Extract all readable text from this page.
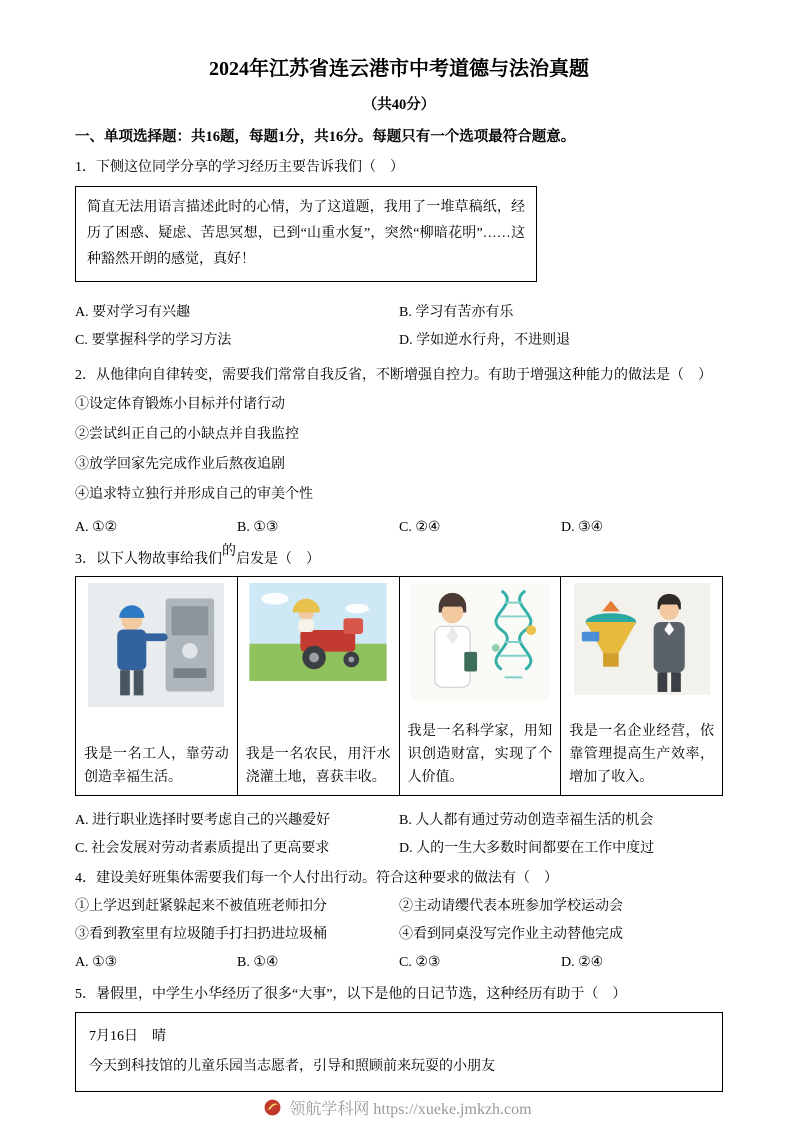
2024年江苏省连云港市中考道德与法治真题
（共40分）
一、单项选择题：共16题，每题1分，共16分。每题只有一个选项最符合题意。
1．下侧这位同学分享的学习经历主要告诉我们（　）
简直无法用语言描述此时的心情，为了这道题，我用了一堆草稿纸，经历了困惑、疑虑、苦思冥想，已到“山重水复”，突然“柳暗花明”……这种豁然开朗的感觉，真好！
A. 要对学习有兴趣	B. 学习有苦亦有乐
C. 要掌握科学的学习方法	D. 学如逆水行舟，不进则退
2．从他律向自律转变，需要我们常常自我反省，不断增强自控力。有助于增强这种能力的做法是（　）
①设定体育锻炼小目标并付诸行动
②尝试纠正自己的小缺点并自我监控
③放学回家先完成作业后熬夜追剧
④追求特立独行并形成自己的审美个性
A. ①②	B. ①③	C. ②④	D. ③④
3．以下人物故事给我们的启发是（　）
我是一名工人，靠劳动创造幸福生活。
我是一名农民，用汗水浇灌土地，喜获丰收。
我是一名科学家，用知识创造财富，实现了个人价值。
我是一名企业经营，依靠管理提高生产效率，增加了收入。
A. 进行职业选择时要考虑自己的兴趣爱好	B. 人人都有通过劳动创造幸福生活的机会
C. 社会发展对劳动者素质提出了更高要求	D. 人的一生大多数时间都要在工作中度过
4．建设美好班集体需要我们每一个人付出行动。符合这种要求的做法有（　）
①上学迟到赶紧躲起来不被值班老师扣分	②主动请缨代表本班参加学校运动会
③看到教室里有垃圾随手打扫扔进垃圾桶	④看到同桌没写完作业主动替他完成
A. ①③	B. ①④	C. ②③	D. ②④
5．暑假里，中学生小华经历了很多“大事”，以下是他的日记节选，这种经历有助于（　）
7月16日　晴
今天到科技馆的儿童乐园当志愿者，引导和照顾前来玩耍的小朋友
领航学科网 https://xueke.jmkzh.com
